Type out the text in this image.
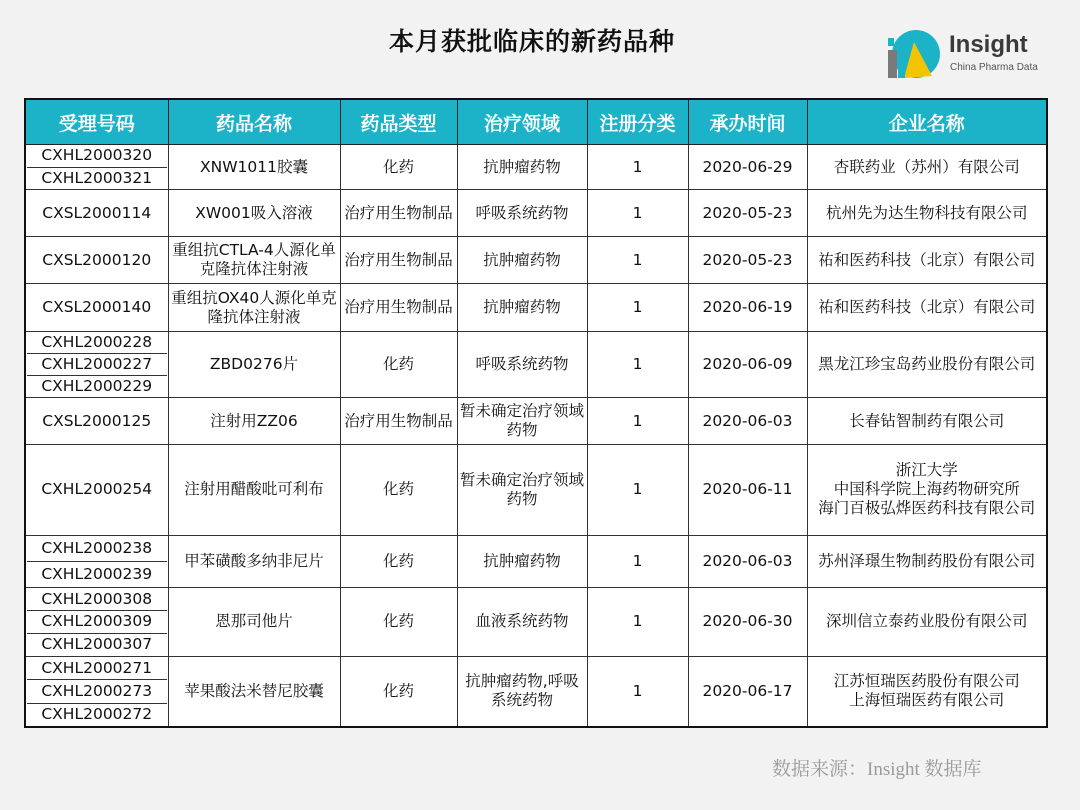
本月获批临床的新药品种	Insight
China Pharma Data
受理号码	药品名称	药品类型	治疗领域	注册分类	承办时间	企业名称

CXHL2000320
CXHL2000321	XNW1011胶囊	化药	抗肿瘤药物	1	2020-06-29	杏联药业（苏州）有限公司

CXSL2000114	XW001吸入溶液	治疗用生物制品	呼吸系统药物	1	2020-05-23	杭州先为达生物科技有限公司

CXSL2000120	重组抗CTLA-4人源化单克隆抗体注射液	治疗用生物制品	抗肿瘤药物	1	2020-05-23	祐和医药科技（北京）有限公司

CXSL2000140	重组抗OX40人源化单克隆抗体注射液	治疗用生物制品	抗肿瘤药物	1	2020-06-19	祐和医药科技（北京）有限公司

CXHL2000228
CXHL2000227
CXHL2000229	ZBD0276片	化药	呼吸系统药物	1	2020-06-09	黑龙江珍宝岛药业股份有限公司

CXSL2000125	注射用ZZ06	治疗用生物制品	暂未确定治疗领域药物	1	2020-06-03	长春钻智制药有限公司

CXHL2000254	注射用醋酸吡可利布	化药	暂未确定治疗领域药物	1	2020-06-11	浙江大学
中国科学院上海药物研究所
海门百极弘烨医药科技有限公司

CXHL2000238
CXHL2000239	甲苯磺酸多纳非尼片	化药	抗肿瘤药物	1	2020-06-03	苏州泽璟生物制药股份有限公司

CXHL2000308
CXHL2000309
CXHL2000307	恩那司他片	化药	血液系统药物	1	2020-06-30	深圳信立泰药业股份有限公司

CXHL2000271
CXHL2000273
CXHL2000272	苹果酸法米替尼胶囊	化药	抗肿瘤药物,呼吸系统药物	1	2020-06-17	江苏恒瑞医药股份有限公司
上海恒瑞医药有限公司
数据来源：Insight 数据库
